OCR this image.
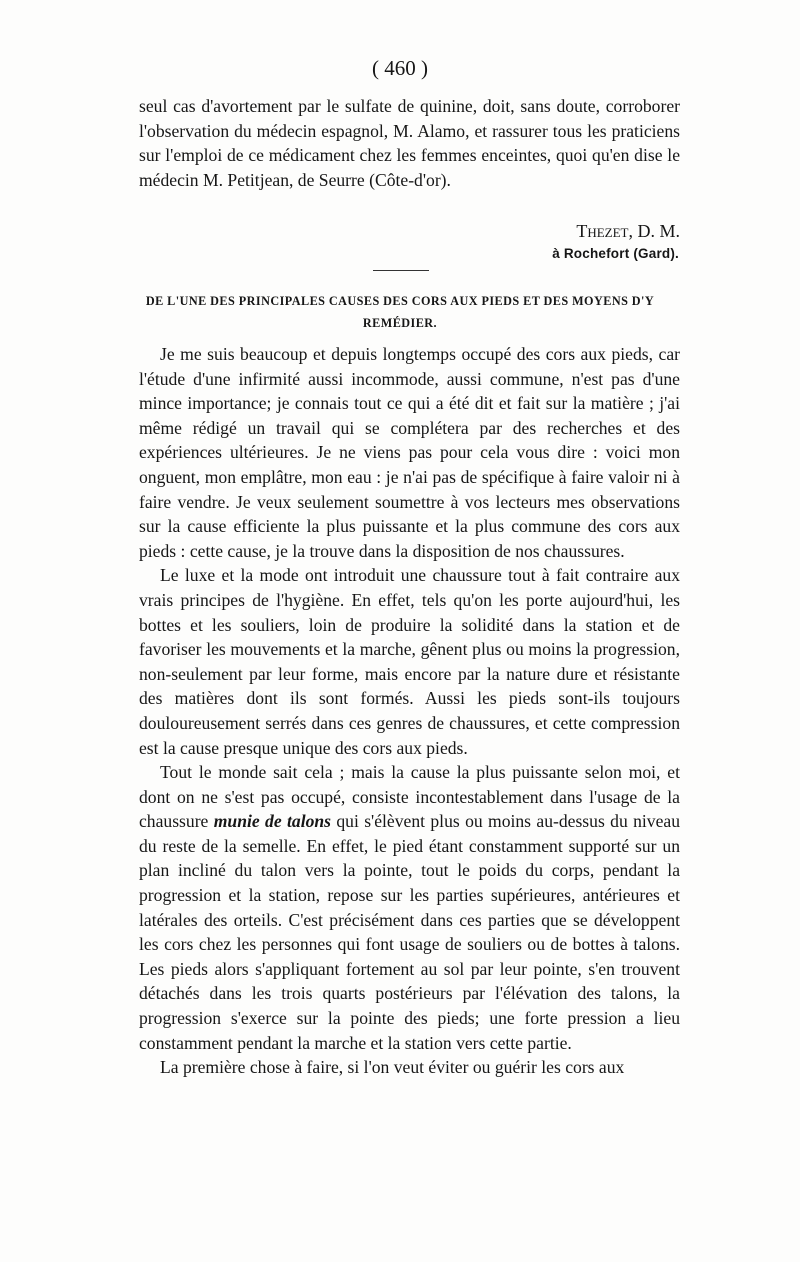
( 460 )

seul cas d'avortement par le sulfate de quinine, doit, sans doute, corroborer l'observation du médecin espagnol, M. Alamo, et rassurer tous les praticiens sur l'emploi de ce médicament chez les femmes enceintes, quoi qu'en dise le médecin M. Petitjean, de Seurre (Côte-d'or).

Thezet, D. M.
à Rochefort (Gard).
DE L'UNE DES PRINCIPALES CAUSES DES CORS AUX PIEDS ET DES MOYENS D'Y REMÉDIER.

Je me suis beaucoup et depuis longtemps occupé des cors aux pieds, car l'étude d'une infirmité aussi incommode, aussi commune, n'est pas d'une mince importance; je connais tout ce qui a été dit et fait sur la matière ; j'ai même rédigé un travail qui se complétera par des recherches et des expériences ultérieures. Je ne viens pas pour cela vous dire : voici mon onguent, mon emplâtre, mon eau : je n'ai pas de spécifique à faire valoir ni à faire vendre. Je veux seulement soumettre à vos lecteurs mes observations sur la cause efficiente la plus puissante et la plus commune des cors aux pieds : cette cause, je la trouve dans la disposition de nos chaussures.

Le luxe et la mode ont introduit une chaussure tout à fait contraire aux vrais principes de l'hygiène. En effet, tels qu'on les porte aujourd'hui, les bottes et les souliers, loin de produire la solidité dans la station et de favoriser les mouvements et la marche, gênent plus ou moins la progression, non-seulement par leur forme, mais encore par la nature dure et résistante des matières dont ils sont formés. Aussi les pieds sont-ils toujours douloureusement serrés dans ces genres de chaussures, et cette compression est la cause presque unique des cors aux pieds.

Tout le monde sait cela ; mais la cause la plus puissante selon moi, et dont on ne s'est pas occupé, consiste incontestablement dans l'usage de la chaussure munie de talons qui s'élèvent plus ou moins au-dessus du niveau du reste de la semelle. En effet, le pied étant constamment supporté sur un plan incliné du talon vers la pointe, tout le poids du corps, pendant la progression et la station, repose sur les parties supérieures, antérieures et latérales des orteils. C'est précisément dans ces parties que se développent les cors chez les personnes qui font usage de souliers ou de bottes à talons. Les pieds alors s'appliquant fortement au sol par leur pointe, s'en trouvent détachés dans les trois quarts postérieurs par l'élévation des talons, la progression s'exerce sur la pointe des pieds; une forte pression a lieu constamment pendant la marche et la station vers cette partie.

La première chose à faire, si l'on veut éviter ou guérir les cors aux
